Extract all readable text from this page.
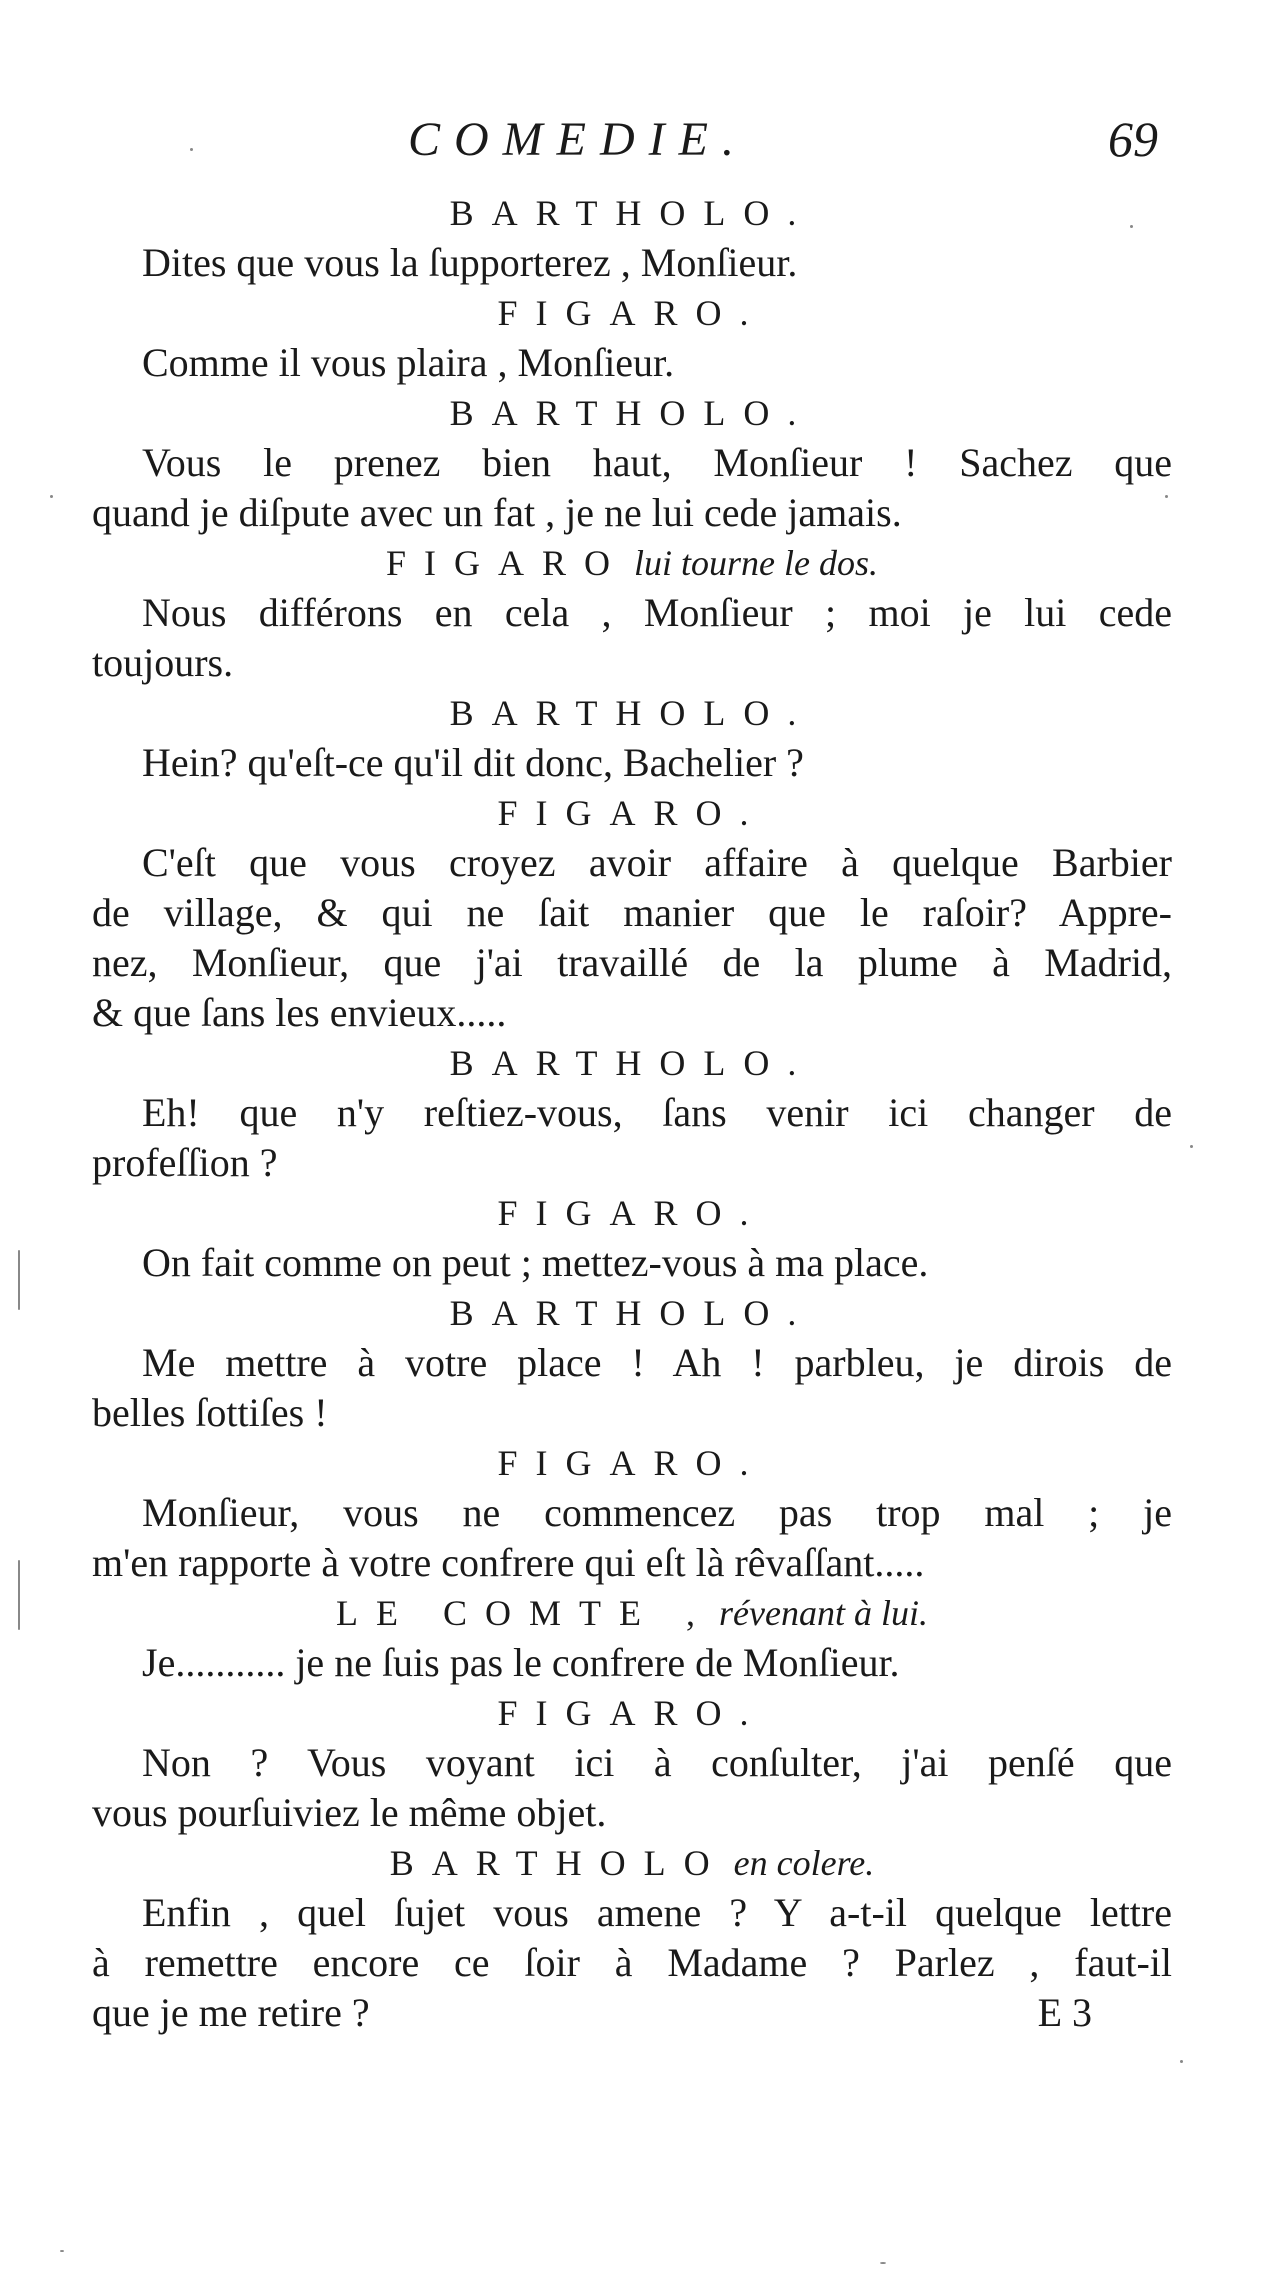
COMEDIE.	69
BARTHOLO.
Dites que vous la ſupporterez , Monſieur.
FIGARO.
Comme il vous plaira , Monſieur.
BARTHOLO.
Vous le prenez bien haut, Monſieur ! Sachez que
quand je diſpute avec un fat , je ne lui cede jamais.
FIGARO lui tourne le dos.
Nous différons en cela , Monſieur ; moi je lui cede
toujours.
BARTHOLO.
Hein? qu'eſt-ce qu'il dit donc, Bachelier ?
FIGARO.
C'eſt que vous croyez avoir affaire à quelque Barbier
de village, & qui ne ſait manier que le raſoir? Appre-
nez, Monſieur, que j'ai travaillé de la plume à Madrid,
& que ſans les envieux.....
BARTHOLO.
Eh! que n'y reſtiez-vous, ſans venir ici changer de
profeſſion ?
FIGARO.
On fait comme on peut ; mettez-vous à ma place.
BARTHOLO.
Me mettre à votre place ! Ah ! parbleu, je dirois de
belles ſottiſes !
FIGARO.
Monſieur, vous ne commencez pas trop mal ; je
m'en rapporte à votre confrere qui eſt là rêvaſſant.....
LE COMTE , révenant à lui.
Je........... je ne ſuis pas le confrere de Monſieur.
FIGARO.
Non ? Vous voyant ici à conſulter, j'ai penſé que
vous pourſuiviez le même objet.
BARTHOLO en colere.
Enfin , quel ſujet vous amene ? Y a-t-il quelque lettre
à remettre encore ce ſoir à Madame ? Parlez , faut-il
que je me retire ?	E 3
